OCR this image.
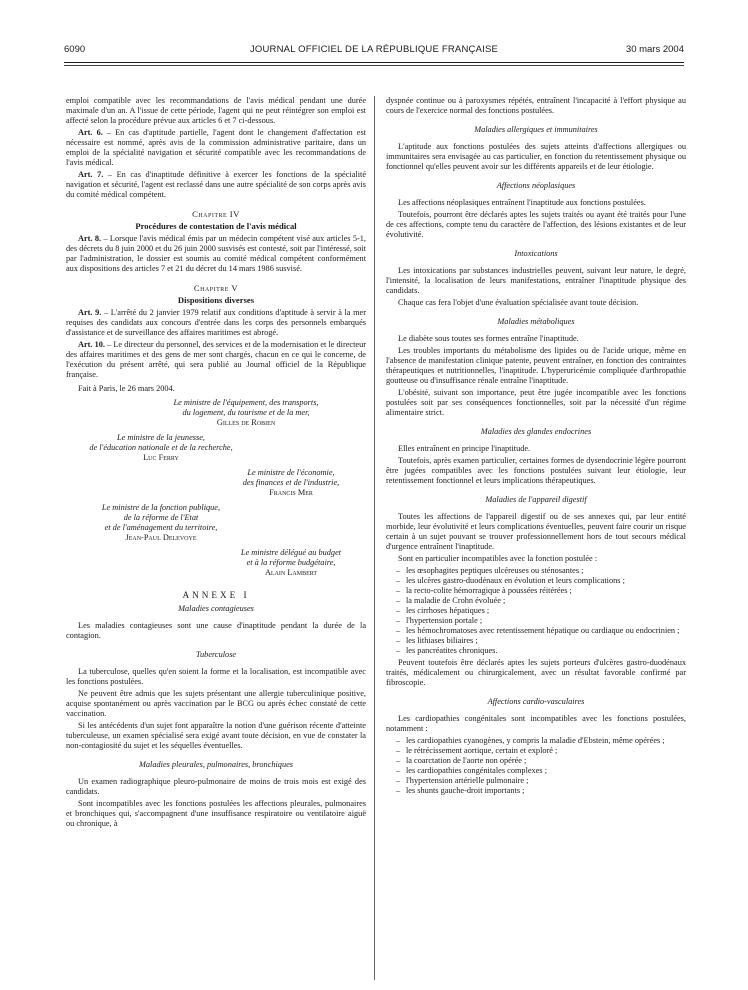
6090	JOURNAL OFFICIEL DE LA RÉPUBLIQUE FRANÇAISE	30 mars 2004

emploi compatible avec les recommandations de l'avis médical pendant une durée maximale d'un an. A l'issue de cette période, l'agent qui ne peut réintégrer son emploi est affecté selon la procédure prévue aux articles 6 et 7 ci-dessous.

Art. 6. – En cas d'aptitude partielle, l'agent dont le changement d'affectation est nécessaire est nommé, après avis de la commission administrative paritaire, dans un emploi de la spécialité navigation et sécurité compatible avec les recommandations de l'avis médical.

Art. 7. – En cas d'inaptitude définitive à exercer les fonctions de la spécialité navigation et sécurité, l'agent est reclassé dans une autre spécialité de son corps après avis du comité médical compétent.

Chapitre IV
Procédures de contestation de l'avis médical

Art. 8. – Lorsque l'avis médical émis par un médecin compétent visé aux articles 5-1, des décrets du 8 juin 2000 et du 26 juin 2000 susvisés est contesté, soit par l'intéressé, soit par l'administration, le dossier est soumis au comité médical compétent conformément aux dispositions des articles 7 et 21 du décret du 14 mars 1986 susvisé.

Chapitre V
Dispositions diverses

Art. 9. – L'arrêté du 2 janvier 1979 relatif aux conditions d'aptitude à servir à la mer requises des candidats aux concours d'entrée dans les corps des personnels embarqués d'assistance et de surveillance des affaires maritimes est abrogé.

Art. 10. – Le directeur du personnel, des services et de la modernisation et le directeur des affaires maritimes et des gens de mer sont chargés, chacun en ce qui le concerne, de l'exécution du présent arrêté, qui sera publié au Journal officiel de la République française.

Fait à Paris, le 26 mars 2004.
Le ministre de l'équipement, des transports,
du logement, du tourisme et de la mer,
Gilles de Robien
Le ministre de la jeunesse,
de l'éducation nationale et de la recherche,
Luc Ferry
Le ministre de l'économie,
des finances et de l'industrie,
Francis Mer
Le ministre de la fonction publique,
de la réforme de l'Etat
et de l'aménagement du territoire,
Jean-Paul Delevoye
Le ministre délégué au budget
et à la réforme budgétaire,
Alain Lambert
ANNEXE I
Maladies contagieuses

Les maladies contagieuses sont une cause d'inaptitude pendant la durée de la contagion.

Tuberculose

La tuberculose, quelles qu'en soient la forme et la localisation, est incompatible avec les fonctions postulées.

Ne peuvent être admis que les sujets présentant une allergie tuberculinique positive, acquise spontanément ou après vaccination par le BCG ou après échec constaté de cette vaccination.

Si les antécédents d'un sujet font apparaître la notion d'une guérison récente d'atteinte tuberculeuse, un examen spécialisé sera exigé avant toute décision, en vue de constater la non-contagiosité du sujet et les séquelles éventuelles.

Maladies pleurales, pulmonaires, bronchiques

Un examen radiographique pleuro-pulmonaire de moins de trois mois est exigé des candidats.

Sont incompatibles avec les fonctions postulées les affections pleurales, pulmonaires et bronchiques qui, s'accompagnent d'une insuffisance respiratoire ou ventilatoire aiguë ou chronique, à

dyspnée continue ou à paroxysmes répétés, entraînent l'incapacité à l'effort physique au cours de l'exercice normal des fonctions postulées.

Maladies allergiques et immunitaires

L'aptitude aux fonctions postulées des sujets atteints d'affections allergiques ou immunitaires sera envisagée au cas particulier, en fonction du retentissement physique ou fonctionnel qu'elles peuvent avoir sur les différents appareils et de leur étiologie.

Affections néoplasiques

Les affections néoplasiques entraînent l'inaptitude aux fonctions postulées.

Toutefois, pourront être déclarés aptes les sujets traités ou ayant été traités pour l'une de ces affections, compte tenu du caractère de l'affection, des lésions existantes et de leur évolutivité.

Intoxications

Les intoxications par substances industrielles peuvent, suivant leur nature, le degré, l'intensité, la localisation de leurs manifestations, entraîner l'inaptitude physique des candidats.

Chaque cas fera l'objet d'une évaluation spécialisée avant toute décision.

Maladies métaboliques

Le diabète sous toutes ses formes entraîne l'inaptitude.

Les troubles importants du métabolisme des lipides ou de l'acide urique, même en l'absence de manifestation clinique patente, peuvent entraîner, en fonction des contraintes thérapeutiques et nutritionnelles, l'inaptitude. L'hyperuricémie compliquée d'arthropathie goutteuse ou d'insuffisance rénale entraîne l'inaptitude.

L'obésité, suivant son importance, peut être jugée incompatible avec les fonctions postulées soit par ses conséquences fonctionnelles, soit par la nécessité d'un régime alimentaire strict.

Maladies des glandes endocrines

Elles entraînent en principe l'inaptitude.

Toutefois, après examen particulier, certaines formes de dysendocrinie légère pourront être jugées compatibles avec les fonctions postulées suivant leur étiologie, leur retentissement fonctionnel et leurs implications thérapeutiques.

Maladies de l'appareil digestif

Toutes les affections de l'appareil digestif ou de ses annexes qui, par leur entité morbide, leur évolutivité et leurs complications éventuelles, peuvent faire courir un risque certain à un sujet pouvant se trouver professionnellement hors de tout secours médical d'urgence entraînent l'inaptitude.

Sont en particulier incompatibles avec la fonction postulée :

– les œsophagites peptiques ulcéreuses ou sténosantes ;
– les ulcères gastro-duodénaux en évolution et leurs complications ;
– la recto-colite hémorragique à poussées réitérées ;
– la maladie de Crohn évoluée ;
– les cirrhoses hépatiques ;
– l'hypertension portale ;
– les hémochromatoses avec retentissement hépatique ou cardiaque ou endocrinien ;
– les lithiases biliaires ;
– les pancréatites chroniques.

Peuvent toutefois être déclarés aptes les sujets porteurs d'ulcères gastro-duodénaux traités, médicalement ou chirurgicalement, avec un résultat favorable confirmé par fibroscopie.

Affections cardio-vasculaires

Les cardiopathies congénitales sont incompatibles avec les fonctions postulées, notamment :

– les cardiopathies cyanogènes, y compris la maladie d'Ebstein, même opérées ;
– le rétrécissement aortique, certain et exploré ;
– la coarctation de l'aorte non opérée ;
– les cardiopathies congénitales complexes ;
– l'hypertension artérielle pulmonaire ;
– les shunts gauche-droit importants ;
